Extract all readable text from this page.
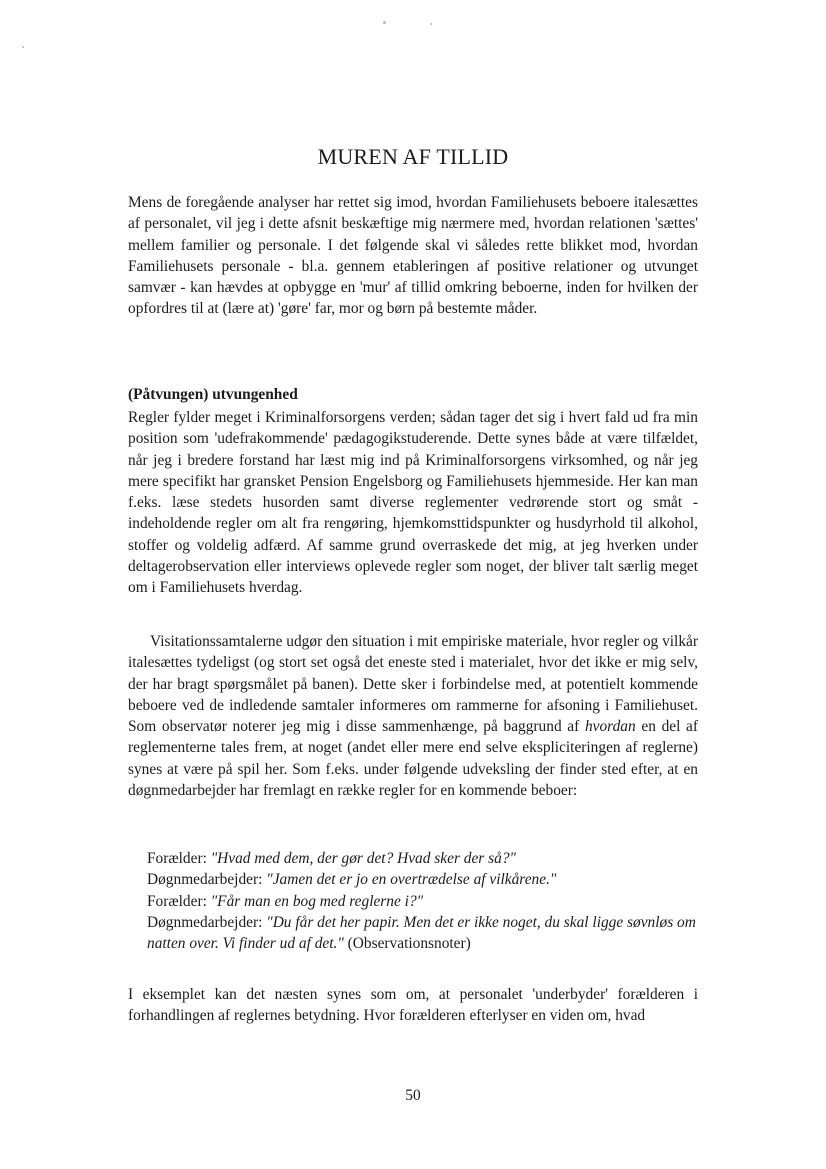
MUREN AF TILLID

Mens de foregående analyser har rettet sig imod, hvordan Familiehusets beboere italesættes af personalet, vil jeg i dette afsnit beskæftige mig nærmere med, hvordan relationen 'sættes' mellem familier og personale. I det følgende skal vi således rette blikket mod, hvordan Familiehusets personale - bl.a. gennem etableringen af positive relationer og utvunget samvær - kan hævdes at opbygge en 'mur' af tillid omkring beboerne, inden for hvilken der opfordres til at (lære at) 'gøre' far, mor og børn på bestemte måder.

(Påtvungen) utvungenhed

Regler fylder meget i Kriminalforsorgens verden; sådan tager det sig i hvert fald ud fra min position som 'udefrakommende' pædagogikstuderende. Dette synes både at være tilfældet, når jeg i bredere forstand har læst mig ind på Kriminalforsorgens virksomhed, og når jeg mere specifikt har gransket Pension Engelsborg og Familiehusets hjemmeside. Her kan man f.eks. læse stedets husorden samt diverse reglementer vedrørende stort og småt - indeholdende regler om alt fra rengøring, hjemkomsttidspunkter og husdyrhold til alkohol, stoffer og voldelig adfærd. Af samme grund overraskede det mig, at jeg hverken under deltagerobservation eller interviews oplevede regler som noget, der bliver talt særlig meget om i Familiehusets hverdag.

Visitationssamtalerne udgør den situation i mit empiriske materiale, hvor regler og vilkår italesættes tydeligst (og stort set også det eneste sted i materialet, hvor det ikke er mig selv, der har bragt spørgsmålet på banen). Dette sker i forbindelse med, at potentielt kommende beboere ved de indledende samtaler informeres om rammerne for afsoning i Familiehuset. Som observatør noterer jeg mig i disse sammenhænge, på baggrund af hvordan en del af reglementerne tales frem, at noget (andet eller mere end selve ekspliciteringen af reglerne) synes at være på spil her. Som f.eks. under følgende udveksling der finder sted efter, at en døgnmedarbejder har fremlagt en række regler for en kommende beboer:

Forælder: "Hvad med dem, der gør det? Hvad sker der så?"
Døgnmedarbejder: "Jamen det er jo en overtrædelse af vilkårene."
Forælder: "Får man en bog med reglerne i?"
Døgnmedarbejder: "Du får det her papir. Men det er ikke noget, du skal ligge søvnløs om natten over. Vi finder ud af det." (Observationsnoter)

I eksemplet kan det næsten synes som om, at personalet 'underbyder' forælderen i forhandlingen af reglernes betydning. Hvor forælderen efterlyser en viden om, hvad

50
